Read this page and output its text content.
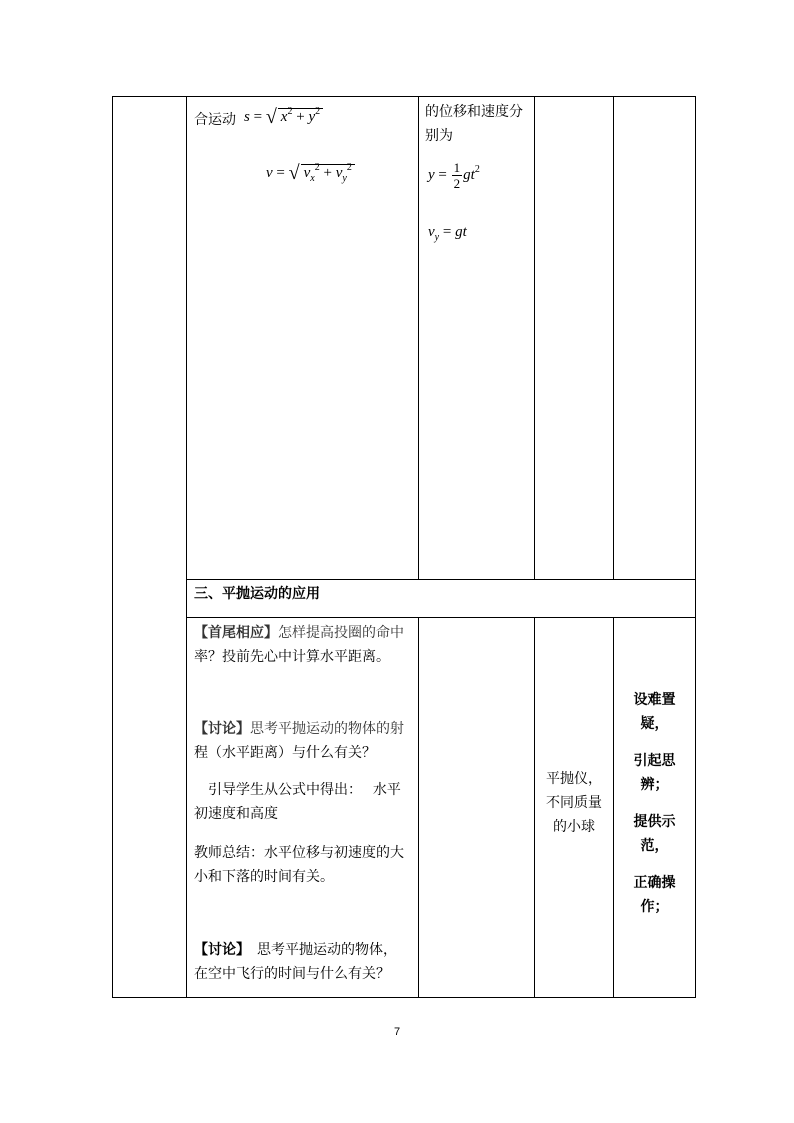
合运动 s = √ $x^2 + y^2$
v = √ $v_x^2 + v_y^2$
的位移和速度分
别为
$y = \frac{1}{2} gt^2$
$v_y$ = gt
三、平抛运动的应用
【首尾相应】怎样提高投圈的命中
率？投前先心中计算水平距离。
【讨论】思考平抛运动的物体的射
程（水平距离）与什么有关？
引导学生从公式中得出：　 水平
初速度和高度
教师总结：水平位移与初速度的大
小和下落的时间有关。
【讨论】　思考平抛运动的物体，
在空中飞行的时间与什么有关？
平抛仪，
不同质量
的小球
设难置
疑，
引起思
辨；
提供示
范，
正确操
作；
7
